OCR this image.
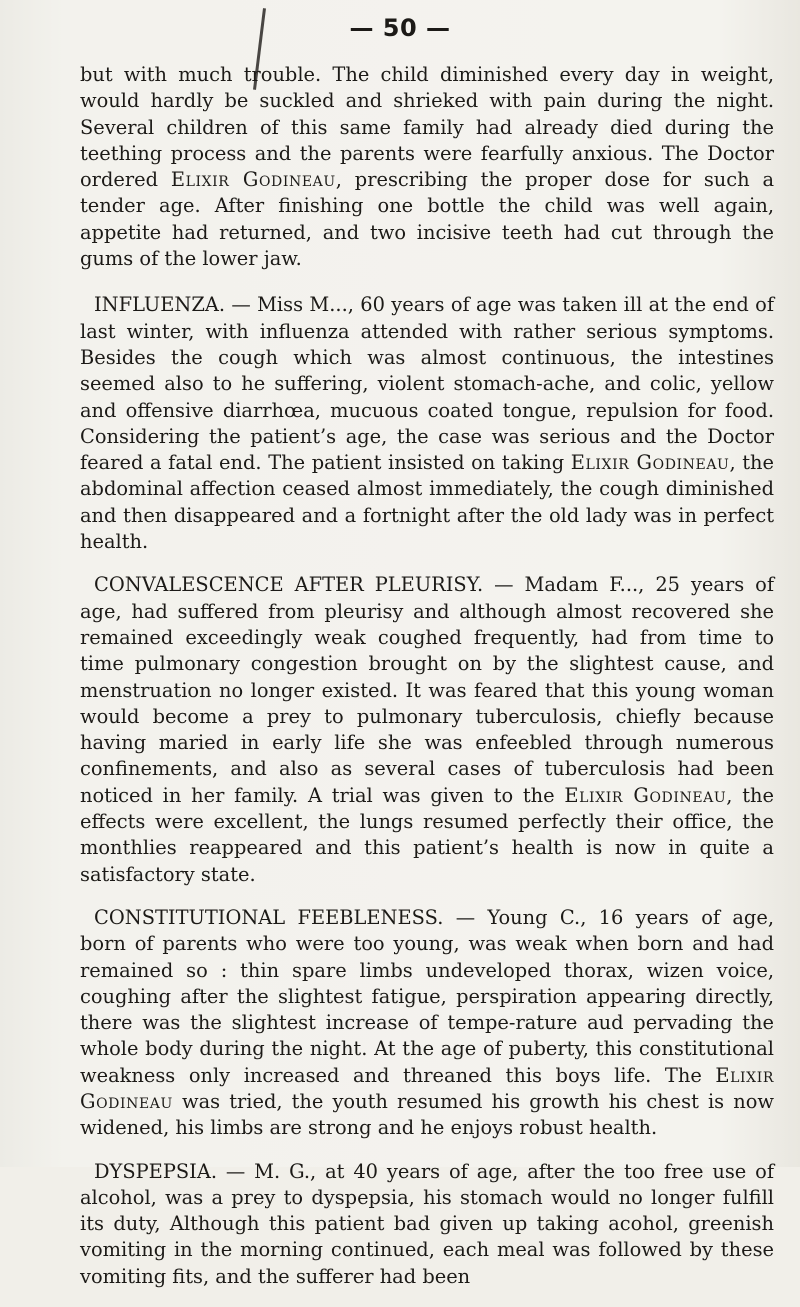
— 50 —

but with much trouble. The child diminished every day in weight, would hardly be suckled and shrieked with pain during the night. Several children of this same family had already died during the teething process and the parents were fearfully anxious. The Doctor ordered Elixir Godineau, prescribing the proper dose for such a tender age. After finishing one bottle the child was well again, appetite had returned, and two incisive teeth had cut through the gums of the lower jaw.

INFLUENZA. — Miss M..., 60 years of age was taken ill at the end of last winter, with influenza attended with rather serious symptoms. Besides the cough which was almost continuous, the intestines seemed also to he suffering, violent stomach-ache, and colic, yellow and offensive diarrhœa, mucuous coated tongue, repulsion for food. Considering the patient’s age, the case was serious and the Doctor feared a fatal end. The patient insisted on taking Elixir Godineau, the abdominal affection ceased almost immediately, the cough diminished and then disappeared and a fortnight after the old lady was in perfect health.

CONVALESCENCE AFTER PLEURISY. — Madam F..., 25 years of age, had suffered from pleurisy and although almost recovered she remained exceedingly weak coughed frequently, had from time to time pulmonary congestion brought on by the slightest cause, and menstruation no longer existed. It was feared that this young woman would become a prey to pulmonary tuberculosis, chiefly because having maried in early life she was enfeebled through numerous confinements, and also as several cases of tuberculosis had been noticed in her family. A trial was given to the Elixir Godineau, the effects were excellent, the lungs resumed perfectly their office, the monthlies reappeared and this patient’s health is now in quite a satisfactory state.

CONSTITUTIONAL FEEBLENESS. — Young C., 16 years of age, born of parents who were too young, was weak when born and had remained so : thin spare limbs undeveloped thorax, wizen voice, coughing after the slightest fatigue, perspiration appearing directly, there was the slightest increase of tempe-rature aud pervading the whole body during the night. At the age of puberty, this constitutional weakness only increased and threaned this boys life. The Elixir Godineau was tried, the youth resumed his growth his chest is now widened, his limbs are strong and he enjoys robust health.

DYSPEPSIA. — M. G., at 40 years of age, after the too free use of alcohol, was a prey to dyspepsia, his stomach would no longer fulfill its duty, Although this patient bad given up taking acohol, greenish vomiting in the morning continued, each meal was followed by these vomiting fits, and the sufferer had been
